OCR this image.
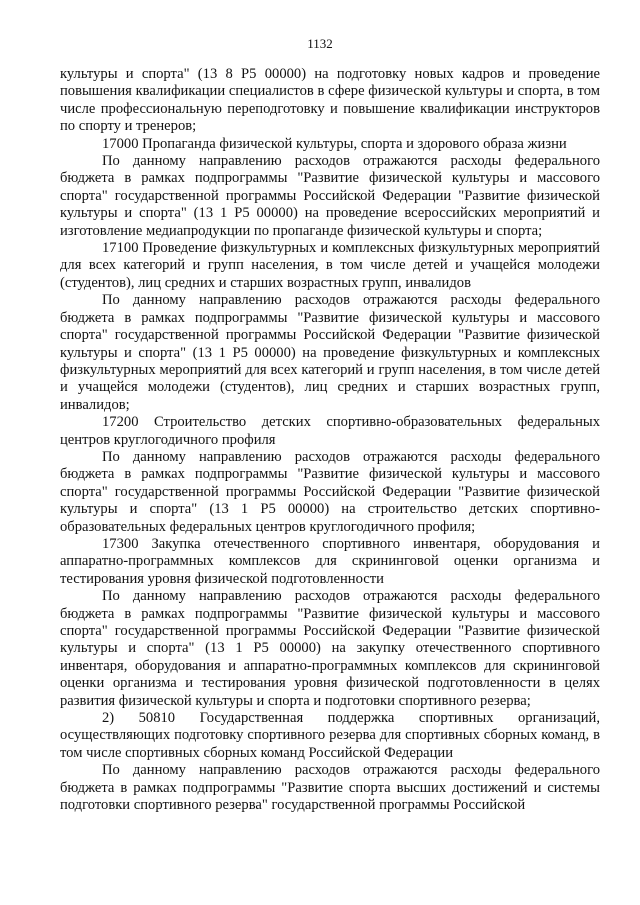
1132

культуры и спорта" (13 8 Р5 00000) на подготовку новых кадров и проведение повышения квалификации специалистов в сфере физической культуры и спорта, в том числе профессиональную переподготовку и повышение квалификации инструкторов по спорту и тренеров;

17000 Пропаганда физической культуры, спорта и здорового образа жизни

По данному направлению расходов отражаются расходы федерального бюджета в рамках подпрограммы "Развитие физической культуры и массового спорта" государственной программы Российской Федерации "Развитие физической культуры и спорта" (13 1 Р5 00000) на проведение всероссийских мероприятий и изготовление медиапродукции по пропаганде физической культуры и спорта;

17100 Проведение физкультурных и комплексных физкультурных мероприятий для всех категорий и групп населения, в том числе детей и учащейся молодежи (студентов), лиц средних и старших возрастных групп, инвалидов

По данному направлению расходов отражаются расходы федерального бюджета в рамках подпрограммы "Развитие физической культуры и массового спорта" государственной программы Российской Федерации "Развитие физической культуры и спорта" (13 1 Р5 00000) на проведение физкультурных и комплексных физкультурных мероприятий для всех категорий и групп населения, в том числе детей и учащейся молодежи (студентов), лиц средних и старших возрастных групп, инвалидов;

17200 Строительство детских спортивно-образовательных федеральных центров круглогодичного профиля

По данному направлению расходов отражаются расходы федерального бюджета в рамках подпрограммы "Развитие физической культуры и массового спорта" государственной программы Российской Федерации "Развитие физической культуры и спорта" (13 1 Р5 00000) на строительство детских спортивно-образовательных федеральных центров круглогодичного профиля;

17300 Закупка отечественного спортивного инвентаря, оборудования и аппаратно-программных комплексов для скрининговой оценки организма и тестирования уровня физической подготовленности

По данному направлению расходов отражаются расходы федерального бюджета в рамках подпрограммы "Развитие физической культуры и массового спорта" государственной программы Российской Федерации "Развитие физической культуры и спорта" (13 1 Р5 00000) на закупку отечественного спортивного инвентаря, оборудования и аппаратно-программных комплексов для скрининговой оценки организма и тестирования уровня физической подготовленности в целях развития физической культуры и спорта и подготовки спортивного резерва;

2) 50810 Государственная поддержка спортивных организаций, осуществляющих подготовку спортивного резерва для спортивных сборных команд, в том числе спортивных сборных команд Российской Федерации

По данному направлению расходов отражаются расходы федерального бюджета в рамках подпрограммы "Развитие спорта высших достижений и системы подготовки спортивного резерва" государственной программы Российской
